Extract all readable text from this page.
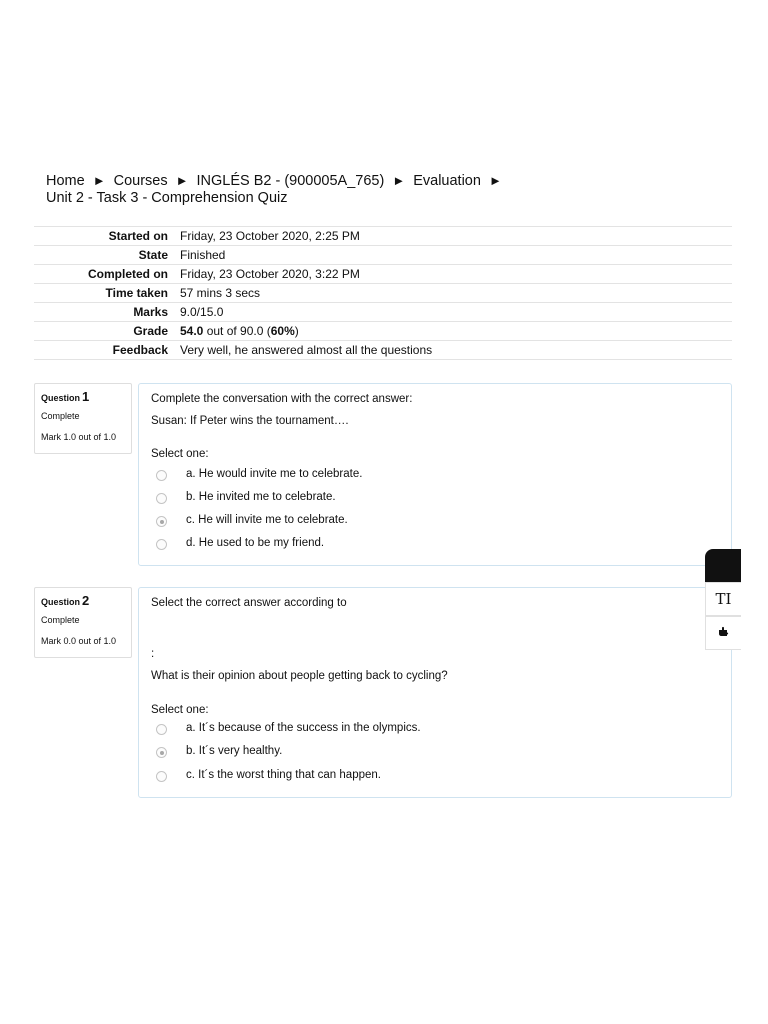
Home ► Courses ► INGLÉS B2 - (900005A_765) ► Evaluation ►
Unit 2 - Task 3 - Comprehension Quiz
Started on	Friday, 23 October 2020, 2:25 PM
State	Finished
Completed on	Friday, 23 October 2020, 3:22 PM
Time taken	57 mins 3 secs
Marks	9.0/15.0
Grade	54.0 out of 90.0 (60%)
Feedback	Very well, he answered almost all the questions
Question 1
Complete
Mark 1.0 out of 1.0
Complete the conversation with the correct answer:
Susan: If Peter wins the tournament….
Select one:
a. He would invite me to celebrate.
b. He invited me to celebrate.
c. He will invite me to celebrate.
d. He used to be my friend.
Question 2
Complete
Mark 0.0 out of 1.0
Select the correct answer according to
:
What is their opinion about people getting back to cycling?
Select one:
a. It´s because of the success in the olympics.
b. It´s very healthy.
c. It´s the worst thing that can happen.
TI
